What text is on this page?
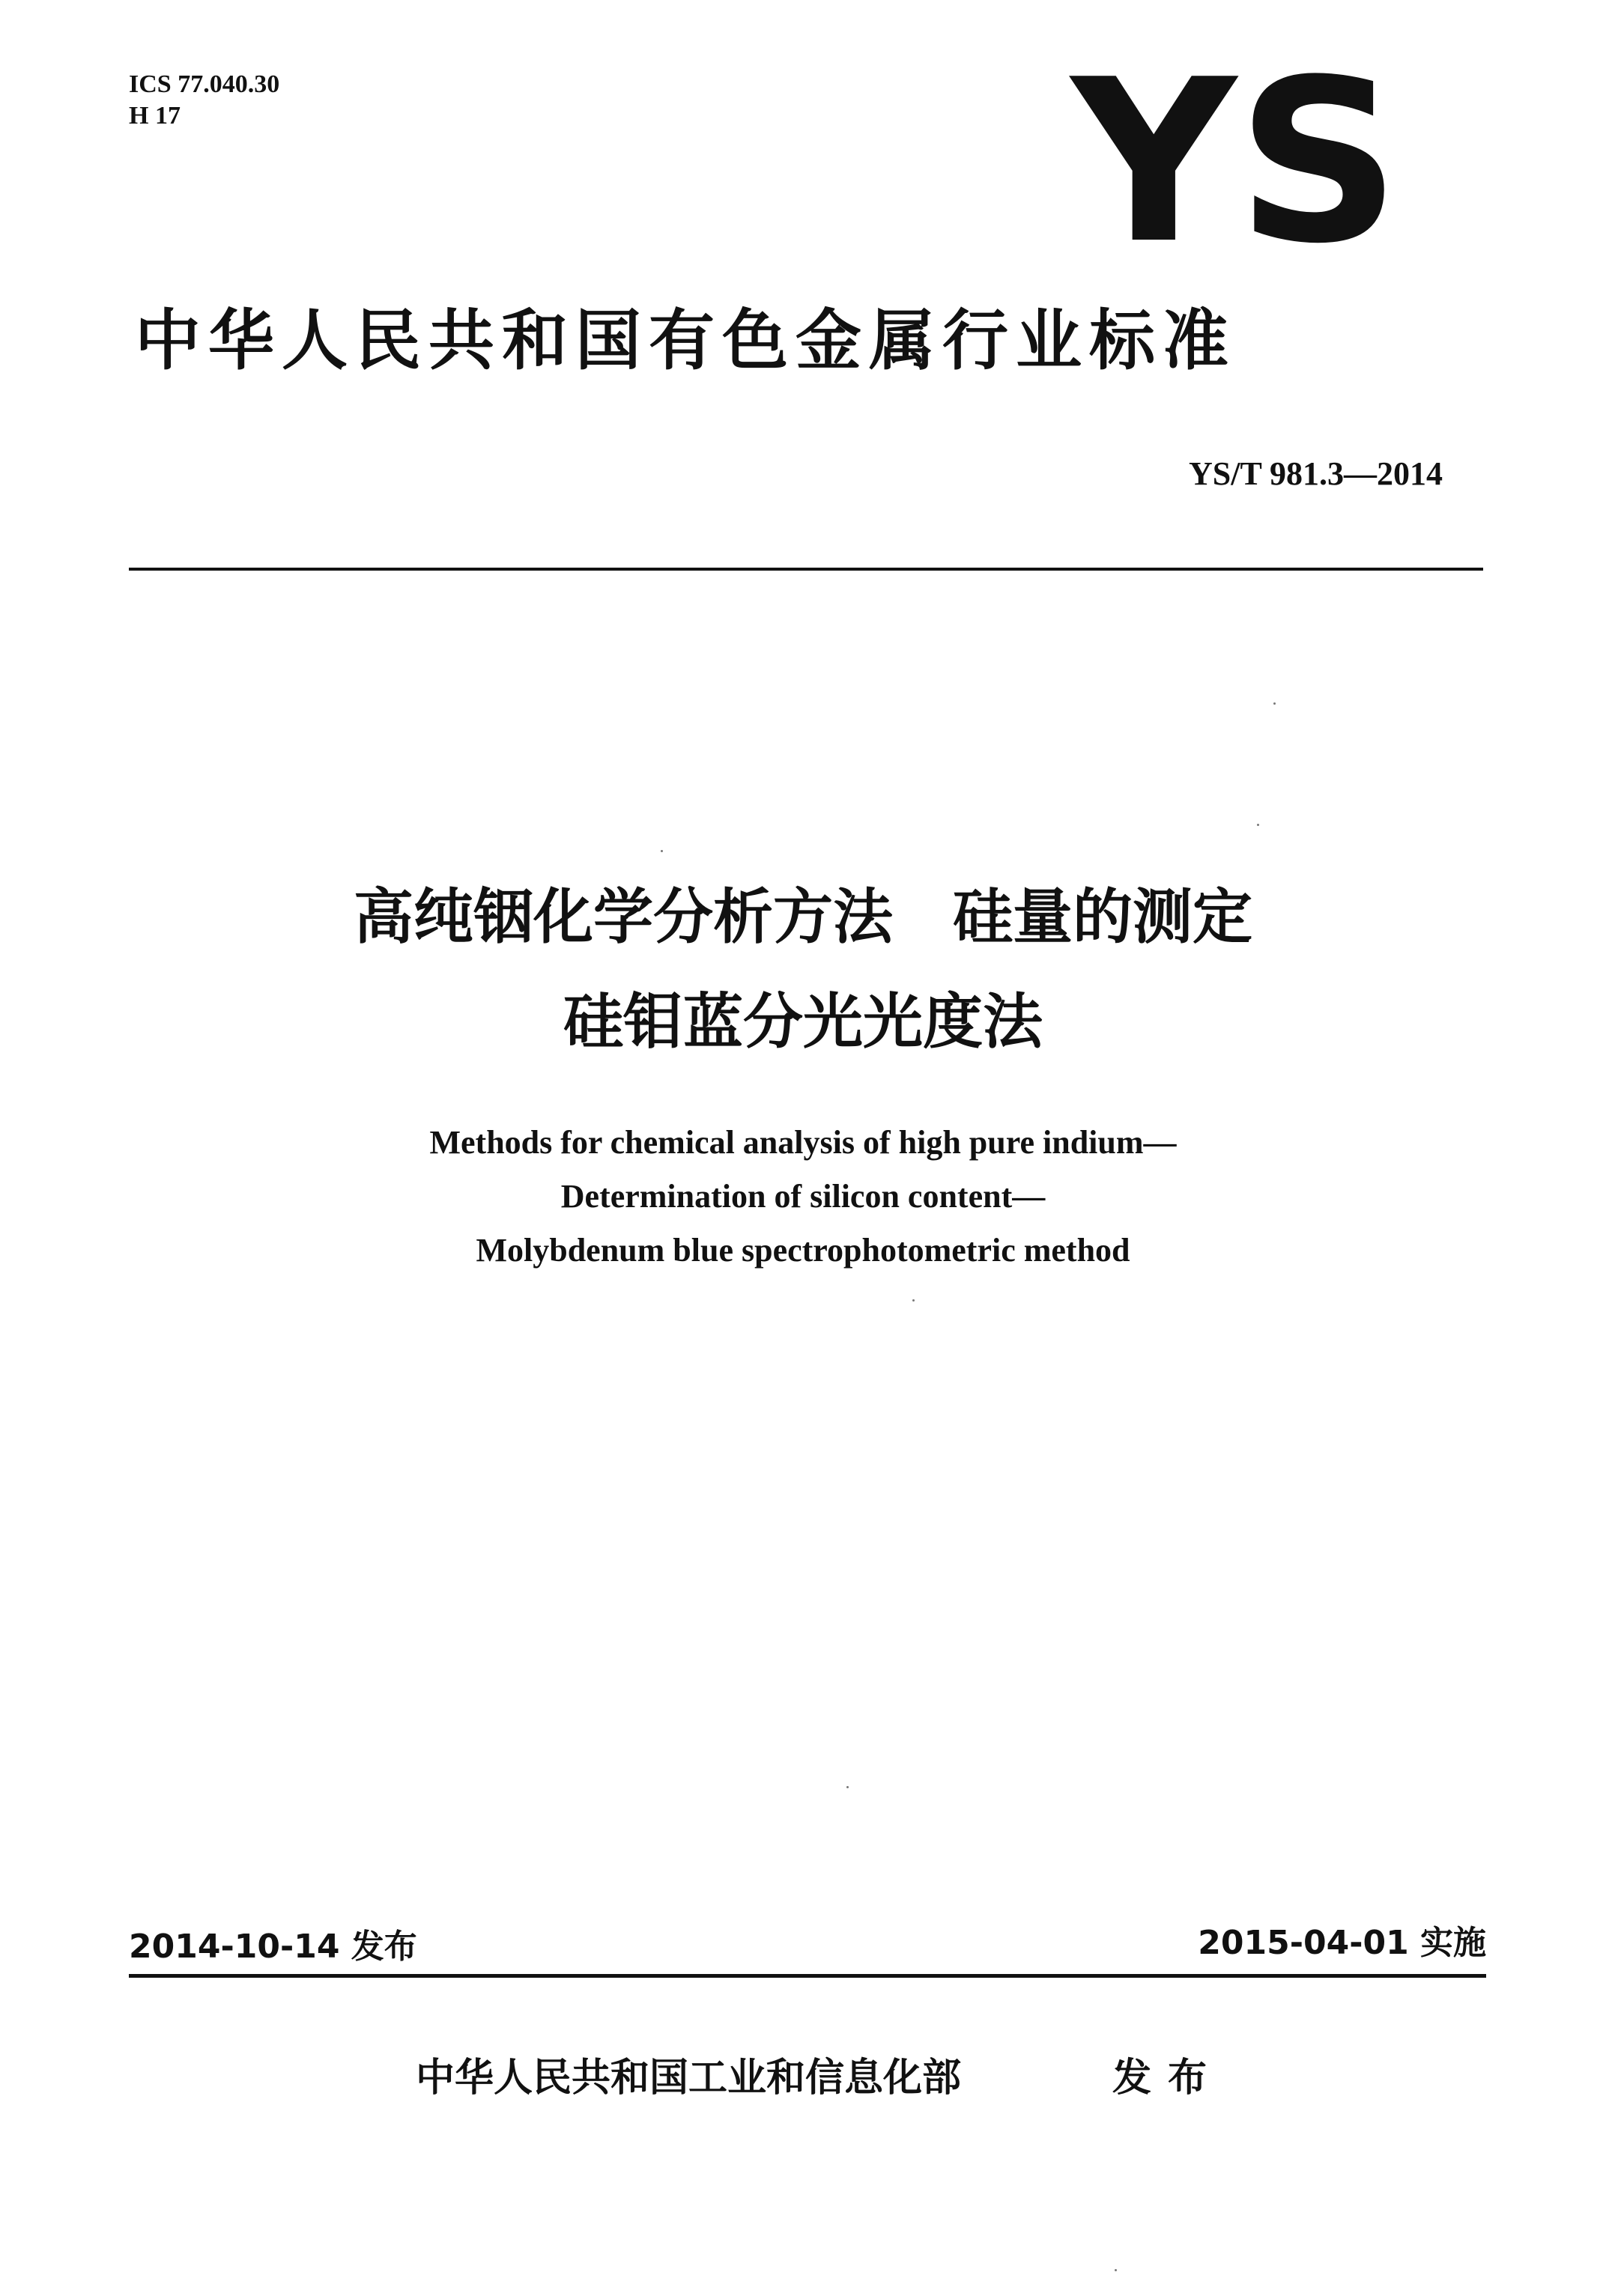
ICS 77.040.30
H 17	YS
中华人民共和国有色金属行业标准
YS/T 981.3—2014
高纯铟化学分析方法　硅量的测定
硅钼蓝分光光度法
Methods for chemical analysis of high pure indium—
Determination of silicon content—
Molybdenum blue spectrophotometric method
2014-10-14 发布	2015-04-01 实施
中华人民共和国工业和信息化部	发布
